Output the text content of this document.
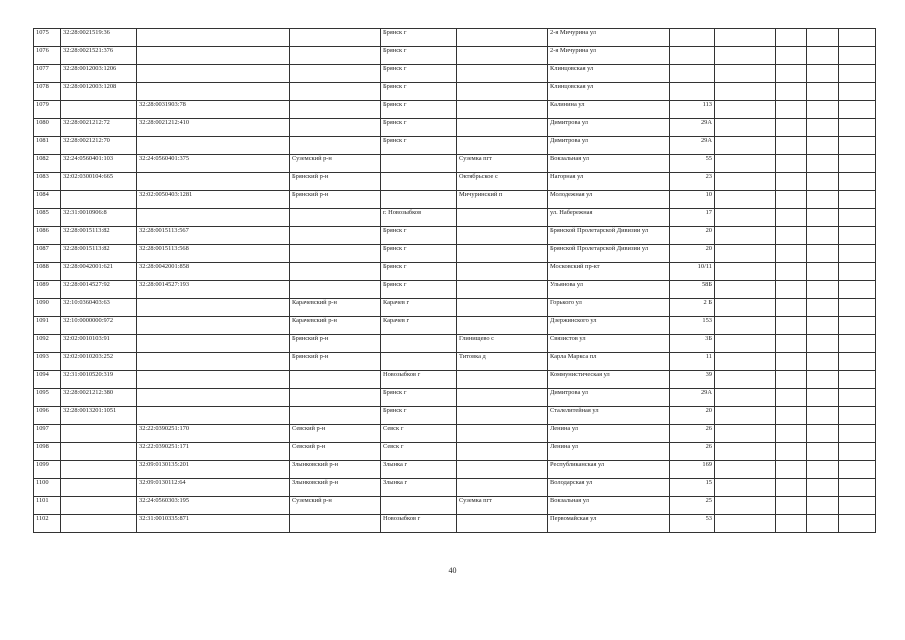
1075	32:28:0021519:36			Брянск г		2-я Мичурина ул					
1076	32:28:0021521:376			Брянск г		2-я Мичурина ул					
1077	32:28:0012003:1206			Брянск г		Клинцовская ул					
1078	32:28:0012003:1208			Брянск г		Клинцовская ул					
1079		32:28:0031903:78		Брянск г		Калинина ул	113				
1080	32:28:0021212:72	32:28:0021212:410		Брянск г		Димитрова ул	29А				
1081	32:28:0021212:70			Брянск г		Димитрова ул	29А				
1082	32:24:0560401:103	32:24:0560401:375	Суземский р-н		Суземка пгт	Вокзальная ул	55				
1083	32:02:0300104:665		Брянский р-н		Октябрьское с	Нагорная ул	23				
1084		32:02:0050403:1281	Брянский р-н		Мичуринский п	Молодежная ул	10				
1085	32:31:0010906:8			г. Новозыбков		ул. Набережная	17				
1086	32:28:0015113:82	32:28:0015113:567		Брянск г		Брянской Пролетарской Дивизии ул	20				
1087	32:28:0015113:82	32:28:0015113:568		Брянск г		Брянской Пролетарской Дивизии ул	20				
1088	32:28:0042001:621	32:28:0042001:858		Брянск г		Московский пр-кт	10/11				
1089	32:28:0014527:92	32:28:0014527:193		Брянск г		Ульянова ул	58Б				
1090	32:10:0360403:63		Карачевский р-н	Карачев г		Горького ул	2 Б				
1091	32:10:0000000:972		Карачевский р-н	Карачев г		Дзержинского ул	153				
1092	32:02:0010103:91		Брянский р-н		Глинищево с	Связистов ул	3Б				
1093	32:02:0010203:252		Брянский р-н		Титовка д	Карла Маркса пл	11				
1094	32:31:0010520:319			Новозыбков г		Коммунистическая ул	39				
1095	32:28:0021212:380			Брянск г		Димитрова ул	29А				
1096	32:28:0013201:1051			Брянск г		Сталелитейная ул	20				
1097		32:22:0390251:170	Севский р-н	Севск г		Ленина ул	26				
1098		32:22:0390251:171	Севский р-н	Севск г		Ленина ул	26				
1099		32:09:0130135:201	Злынковский р-н	Злынка г		Республиканская ул	169				
1100		32:09:0130112:64	Злынковский р-н	Злынка г		Володарская ул	15				
1101		32:24:0560303:195	Суземский р-н		Суземка пгт	Вокзальная ул	25				
1102		32:31:0010335:871		Новозыбков г		Первомайская ул	53				
40
